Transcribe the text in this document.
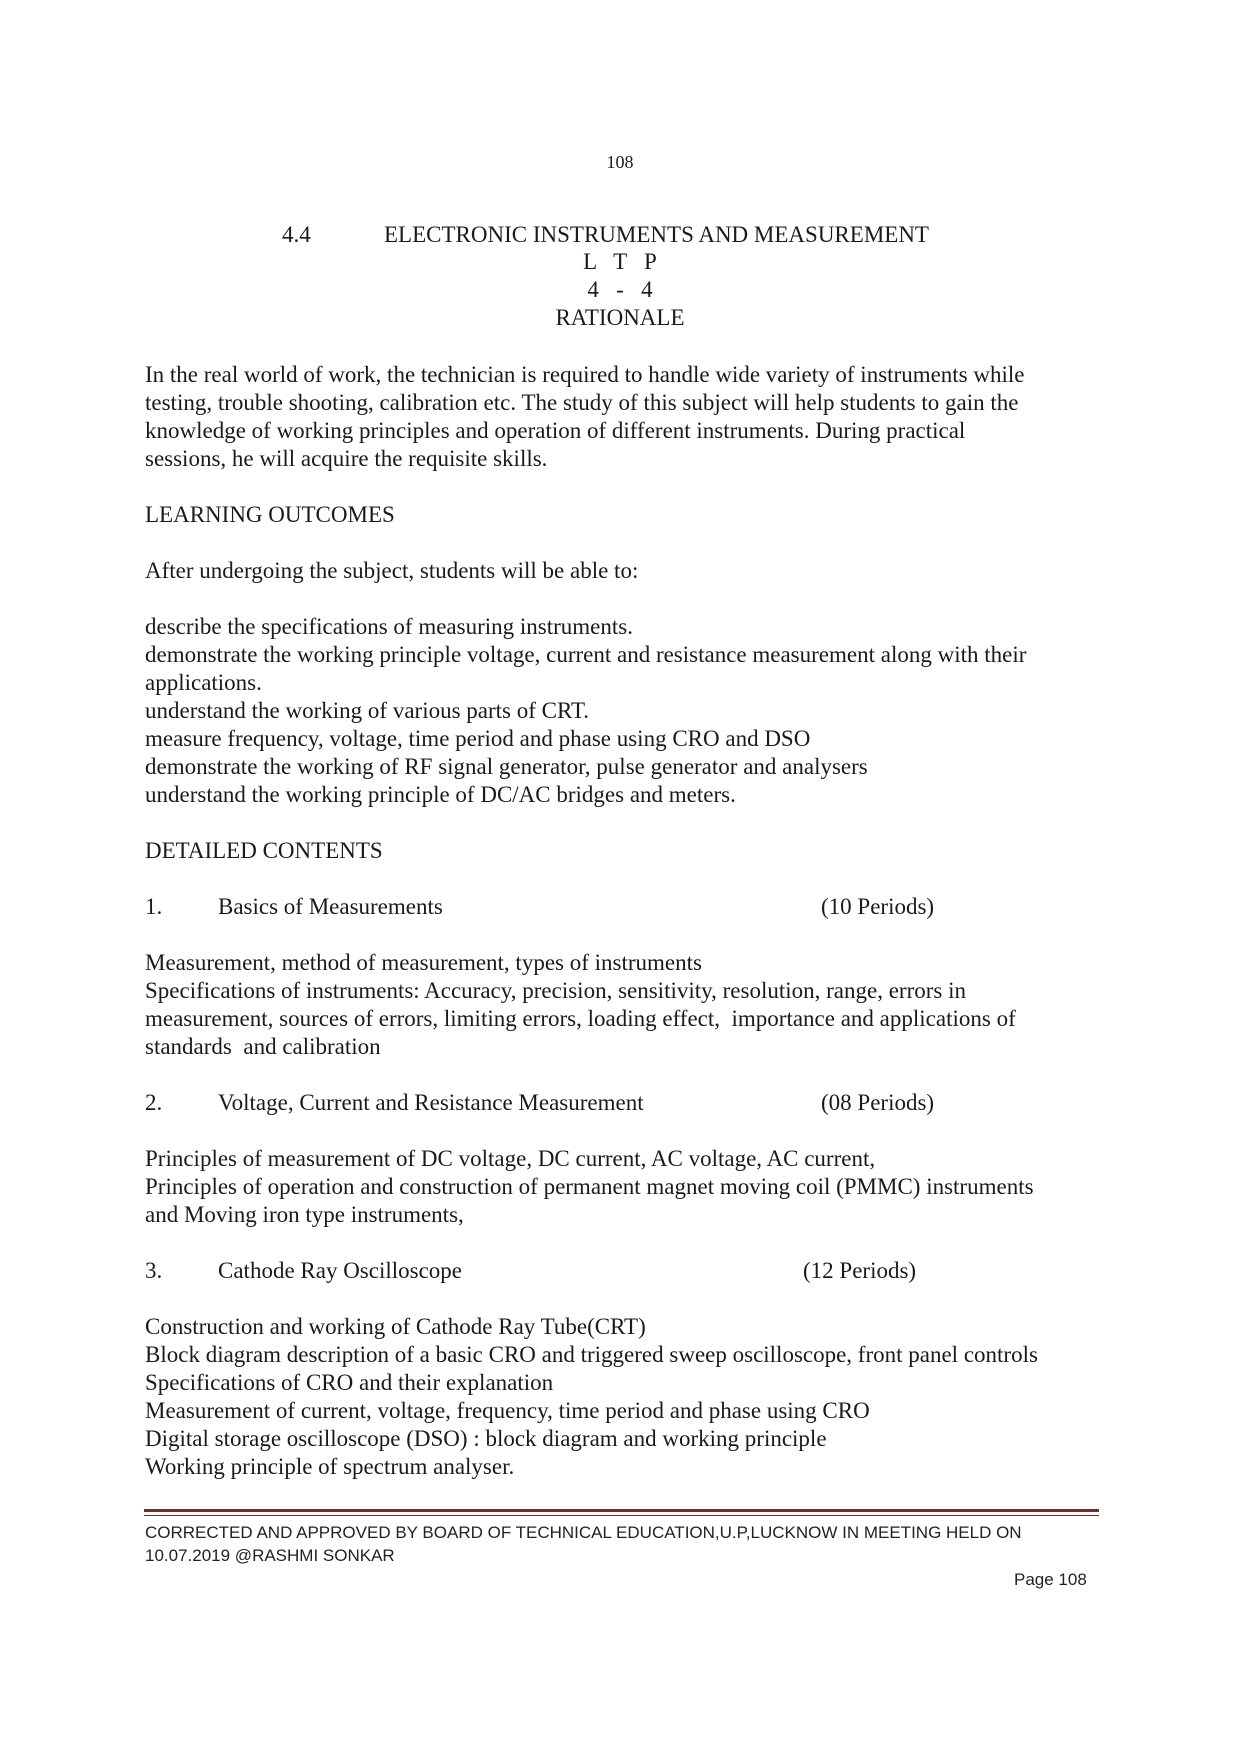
108
4.4	ELECTRONIC INSTRUMENTS AND MEASUREMENT
L   T   P
4   -   4
RATIONALE
In the real world of work, the technician is required to handle wide variety of instruments while
testing, trouble shooting, calibration etc. The study of this subject will help students to gain the
knowledge of working principles and operation of different instruments. During practical
sessions, he will acquire the requisite skills.
LEARNING OUTCOMES
After undergoing the subject, students will be able to:
describe the specifications of measuring instruments.
demonstrate the working principle voltage, current and resistance measurement along with their
applications.
understand the working of various parts of CRT.
measure frequency, voltage, time period and phase using CRO and DSO
demonstrate the working of RF signal generator, pulse generator and analysers
understand the working principle of DC/AC bridges and meters.
DETAILED CONTENTS
1. Basics of Measurements	(10 Periods)
Measurement, method of measurement, types of instruments
Specifications of instruments: Accuracy, precision, sensitivity, resolution, range, errors in
measurement, sources of errors, limiting errors, loading effect,  importance and applications of
standards  and calibration
2. Voltage, Current and Resistance Measurement	(08 Periods)
Principles of measurement of DC voltage, DC current, AC voltage, AC current,
Principles of operation and construction of permanent magnet moving coil (PMMC) instruments
and Moving iron type instruments,
3. Cathode Ray Oscilloscope	(12 Periods)
Construction and working of Cathode Ray Tube(CRT)
Block diagram description of a basic CRO and triggered sweep oscilloscope, front panel controls
Specifications of CRO and their explanation
Measurement of current, voltage, frequency, time period and phase using CRO
Digital storage oscilloscope (DSO) : block diagram and working principle
Working principle of spectrum analyser.
CORRECTED AND APPROVED BY BOARD OF TECHNICAL EDUCATION,U.P,LUCKNOW IN MEETING HELD ON
10.07.2019 @RASHMI SONKAR
Page 108
